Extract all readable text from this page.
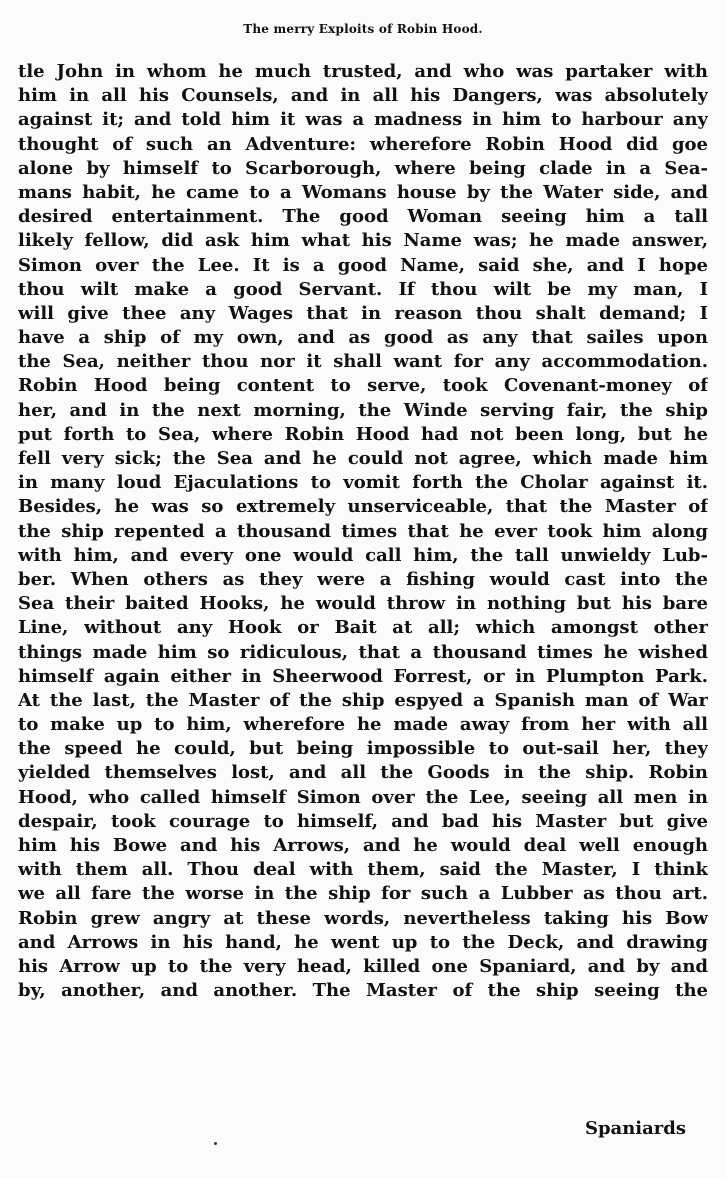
The merry Exploits of Robin Hood.
tle John in whom he much trusted, and who was partaker with
him in all his Counsels, and in all his Dangers, was absolutely
against it; and told him it was a madness in him to harbour any
thought of such an Adventure: wherefore Robin Hood did goe
alone by himself to Scarborough, where being clade in a Sea-
mans habit, he came to a Womans house by the Water side, and
desired entertainment. The good Woman seeing him a tall
likely fellow, did ask him what his Name was; he made answer,
Simon over the Lee. It is a good Name, said she, and I hope
thou wilt make a good Servant. If thou wilt be my man, I
will give thee any Wages that in reason thou shalt demand; I
have a ship of my own, and as good as any that sailes upon
the Sea, neither thou nor it shall want for any accommodation.
Robin Hood being content to serve, took Covenant-money of
her, and in the next morning, the Winde serving fair, the ship
put forth to Sea, where Robin Hood had not been long, but he
fell very sick; the Sea and he could not agree, which made him
in many loud Ejaculations to vomit forth the Cholar against it.
Besides, he was so extremely unserviceable, that the Master of
the ship repented a thousand times that he ever took him along
with him, and every one would call him, the tall unwieldy Lub-
ber. When others as they were a fishing would cast into the
Sea their baited Hooks, he would throw in nothing but his bare
Line, without any Hook or Bait at all; which amongst other
things made him so ridiculous, that a thousand times he wished
himself again either in Sheerwood Forrest, or in Plumpton Park.
At the last, the Master of the ship espyed a Spanish man of War
to make up to him, wherefore he made away from her with all
the speed he could, but being impossible to out-sail her, they
yielded themselves lost, and all the Goods in the ship. Robin
Hood, who called himself Simon over the Lee, seeing all men in
despair, took courage to himself, and bad his Master but give
him his Bowe and his Arrows, and he would deal well enough
with them all. Thou deal with them, said the Master, I think
we all fare the worse in the ship for such a Lubber as thou art.
Robin grew angry at these words, nevertheless taking his Bow
and Arrows in his hand, he went up to the Deck, and drawing
his Arrow up to the very head, killed one Spaniard, and by and
by, another, and another. The Master of the ship seeing the
Spaniards
